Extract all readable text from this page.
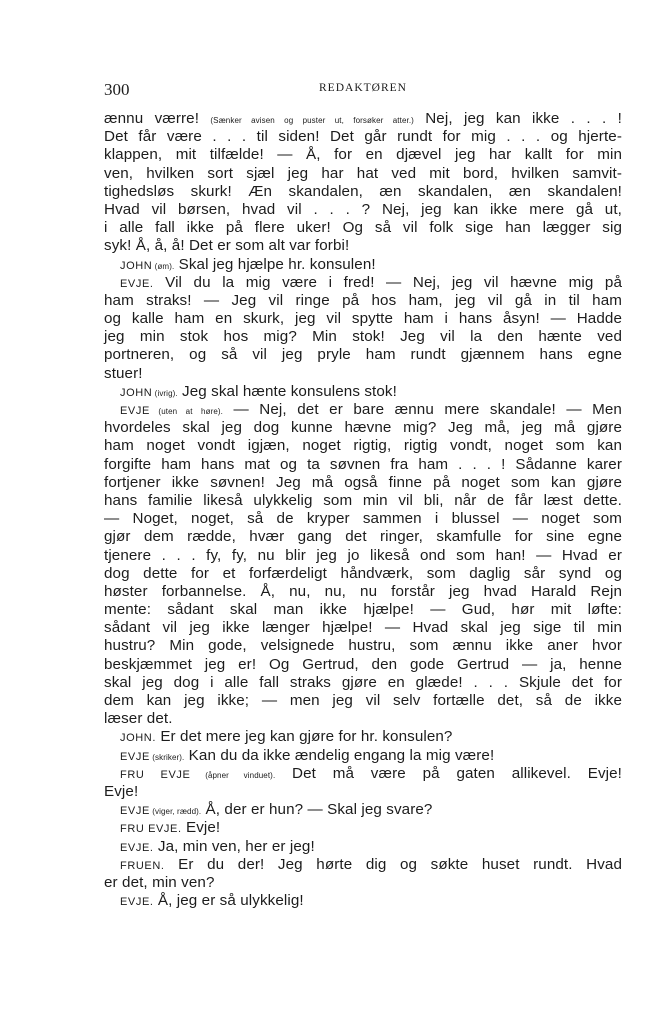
300	REDAKTØREN
ænnu værre! (Sænker avisen og puster ut, forsøker atter.) Nej, jeg kan ikke . . . !
Det får være . . . til siden! Det går rundt for mig . . . og hjerte-
klappen, mit tilfælde! — Å, for en djævel jeg har kallt for min
ven, hvilken sort sjæl jeg har hat ved mit bord, hvilken samvit-
tighedsløs skurk! Æn skandalen, æn skandalen, æn skandalen!
Hvad vil børsen, hvad vil . . . ? Nej, jeg kan ikke mere gå ut,
i alle fall ikke på flere uker! Og så vil folk sige han lægger sig
syk! Å, å, å! Det er som alt var forbi!
JOHN (øm). Skal jeg hjælpe hr. konsulen!
EVJE. Vil du la mig være i fred! — Nej, jeg vil hævne mig på
ham straks! — Jeg vil ringe på hos ham, jeg vil gå in til ham
og kalle ham en skurk, jeg vil spytte ham i hans åsyn! — Hadde
jeg min stok hos mig? Min stok! Jeg vil la den hænte ved
portneren, og så vil jeg pryle ham rundt gjænnem hans egne
stuer!
JOHN (ivrig). Jeg skal hænte konsulens stok!
EVJE (uten at høre). — Nej, det er bare ænnu mere skandale! — Men
hvordeles skal jeg dog kunne hævne mig? Jeg må, jeg må gjøre
ham noget vondt igjæn, noget rigtig, rigtig vondt, noget som kan
forgifte ham hans mat og ta søvnen fra ham . . . ! Sådanne karer
fortjener ikke søvnen! Jeg må også finne på noget som kan gjøre
hans familie likeså ulykkelig som min vil bli, når de får læst dette.
— Noget, noget, så de kryper sammen i blussel — noget som
gjør dem rædde, hvær gang det ringer, skamfulle for sine egne
tjenere . . . fy, fy, nu blir jeg jo likeså ond som han! — Hvad er
dog dette for et forfærdeligt håndværk, som daglig sår synd og
høster forbannelse. Å, nu, nu, nu forstår jeg hvad Harald Rejn
mente: sådant skal man ikke hjælpe! — Gud, hør mit løfte:
sådant vil jeg ikke længer hjælpe! — Hvad skal jeg sige til min
hustru? Min gode, velsignede hustru, som ænnu ikke aner hvor
beskjæmmet jeg er! Og Gertrud, den gode Gertrud — ja, henne
skal jeg dog i alle fall straks gjøre en glæde! . . . Skjule det for
dem kan jeg ikke; — men jeg vil selv fortælle det, så de ikke
læser det.
JOHN. Er det mere jeg kan gjøre for hr. konsulen?
EVJE (skriker). Kan du da ikke ændelig engang la mig være!
FRU EVJE (åpner vinduet). Det må være på gaten allikevel. Evje!
Evje!
EVJE (viger, rædd). Å, der er hun? — Skal jeg svare?
FRU EVJE. Evje!
EVJE. Ja, min ven, her er jeg!
FRUEN. Er du der! Jeg hørte dig og søkte huset rundt. Hvad
er det, min ven?
EVJE. Å, jeg er så ulykkelig!
